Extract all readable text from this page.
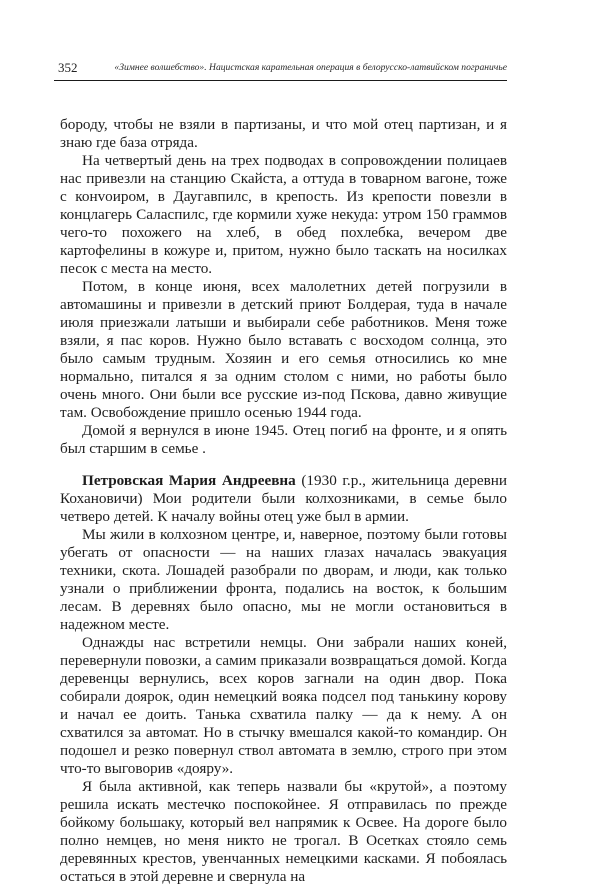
352	«Зимнее волшебство». Нацистская карательная операция в белорусско-латвийском пограничье

бороду, чтобы не взяли в партизаны, и что мой отец партизан, и я знаю где база отряда.

На четвертый день на трех подводах в сопровождении полицаев нас привезли на станцию Скайста, а оттуда в товарном вагоне, тоже с конvоиром, в Даугавпилс, в крепость. Из крепости повезли в концлагерь Саласпилс, где кормили хуже некуда: утром 150 граммов чего-то похожего на хлеб, в обед похлебка, вечером две картофелины в кожуре и, притом, нужно было таскать на носилках песок с места на место.

Потом, в конце июня, всех малолетних детей погрузили в автомашины и привезли в детский приют Болдерая, туда в начале июля приезжали латыши и выбирали себе работников. Меня тоже взяли, я пас коров. Нужно было вставать с восходом солнца, это было самым трудным. Хозяин и его семья относились ко мне нормально, питался я за одним столом с ними, но работы было очень много. Они были все русские из-под Пскова, давно живущие там. Освобождение пришло осенью 1944 года.

Домой я вернулся в июне 1945. Отец погиб на фронте, и я опять был старшим в семье .

Петровская Мария Андреевна (1930 г.р., жительница деревни Кохановичи) Мои родители были колхозниками, в семье было четверо детей. К началу войны отец уже был в армии.

Мы жили в колхозном центре, и, наверное, поэтому были готовы убегать от опасности — на наших глазах началась эвакуация техники, скота. Лошадей разобрали по дворам, и люди, как только узнали о приближении фронта, подались на восток, к большим лесам. В деревнях было опасно, мы не могли остановиться в надежном месте.

Однажды нас встретили немцы. Они забрали наших коней, перевернули повозки, а самим приказали возвращаться домой. Когда деревенцы вернулись, всех коров загнали на один двор. Пока собирали доярок, один немецкий вояка подсел под танькину корову и начал ее доить. Танька схватила палку — да к нему. А он схватился за автомат. Но в стычку вмешался какой-то командир. Он подошел и резко повернул ствол автомата в землю, строго при этом что-то выговорив «дояру».

Я была активной, как теперь назвали бы «крутой», а поэтому решила искать местечко поспокойнее. Я отправилась по прежде бойкому большаку, который вел напрямик к Освее. На дороге было полно немцев, но меня никто не трогал. В Осетках стояло семь деревянных крестов, увенчанных немецкими касками. Я побоялась остаться в этой деревне и свернула на
